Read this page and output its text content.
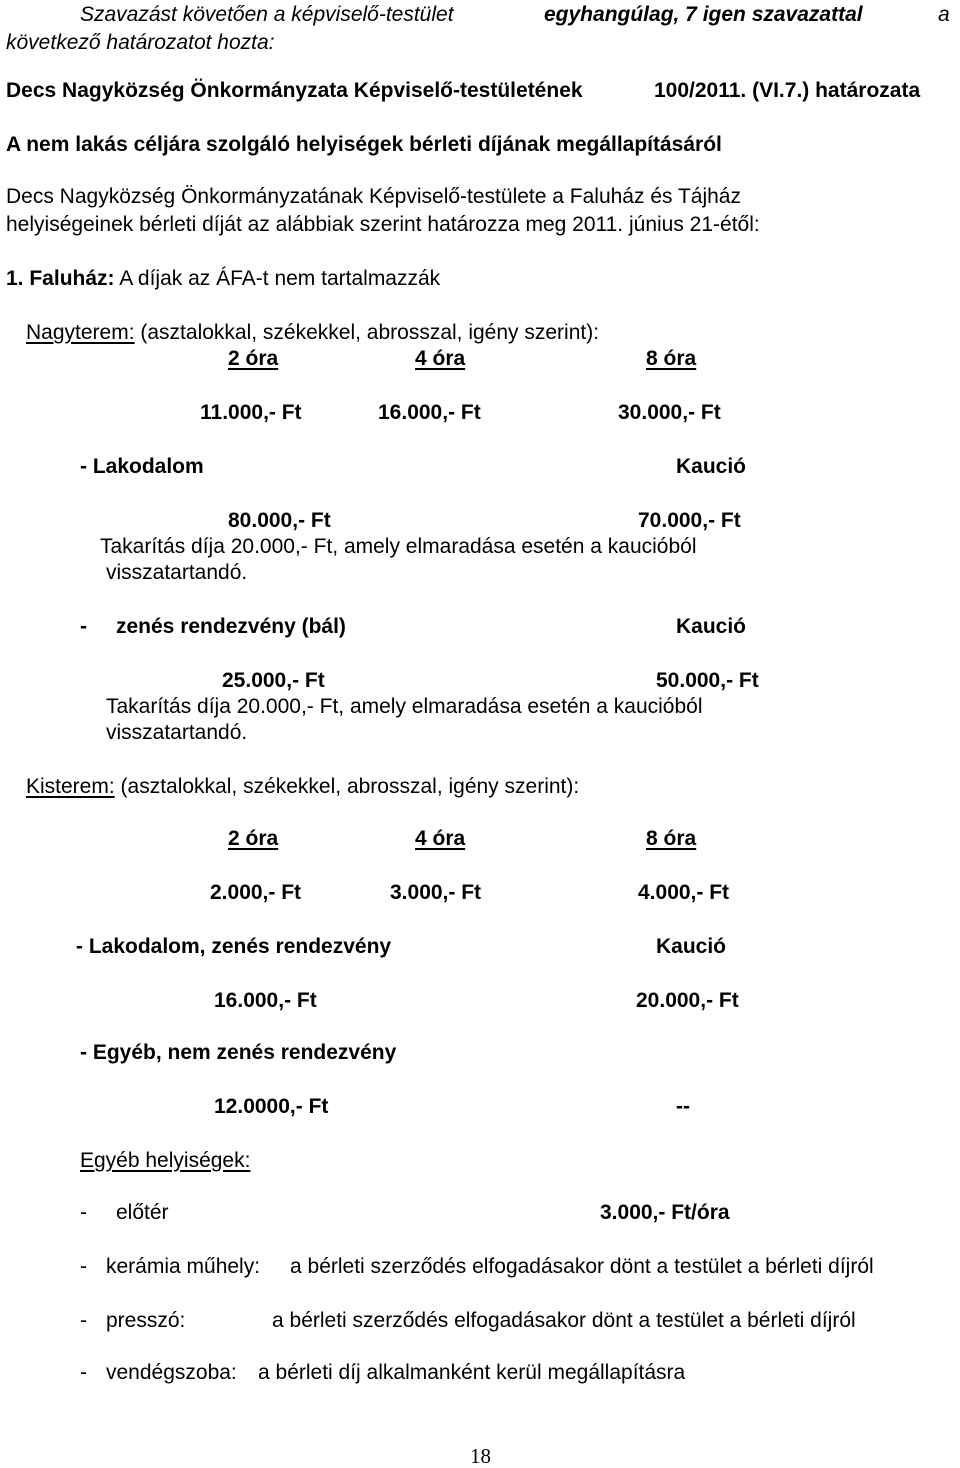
Szavazást követően a képviselő-testület	egyhangúlag, 7 igen szavazattal	a
következő határozatot hozta:
Decs Nagyközség Önkormányzata Képviselő-testületének	100/2011. (VI.7.) határozata
A nem lakás céljára szolgáló helyiségek bérleti díjának megállapításáról
Decs Nagyközség Önkormányzatának Képviselő-testülete a Faluház és Tájház
helyiségeinek bérleti díját az alábbiak szerint határozza meg 2011. június 21-étől:
1. Faluház: A díjak az ÁFA-t nem tartalmazzák
Nagyterem: (asztalokkal, székekkel, abrosszal, igény szerint):
2 óra	4 óra	8 óra
11.000,- Ft	16.000,- Ft	30.000,- Ft
- Lakodalom	Kaució
80.000,- Ft	70.000,- Ft
Takarítás díja 20.000,- Ft, amely elmaradása esetén a kaucióból
visszatartandó.
- zenés rendezvény (bál)	Kaució
25.000,- Ft	50.000,- Ft
Takarítás díja 20.000,- Ft, amely elmaradása esetén a kaucióból
visszatartandó.
Kisterem: (asztalokkal, székekkel, abrosszal, igény szerint):
2 óra	4 óra	8 óra
2.000,- Ft	3.000,- Ft	4.000,- Ft
- Lakodalom, zenés rendezvény	Kaució
16.000,- Ft	20.000,- Ft
- Egyéb, nem zenés rendezvény
12.0000,- Ft	--
Egyéb helyiségek:
- előtér	3.000,- Ft/óra
- kerámia műhely: a bérleti szerződés elfogadásakor dönt a testület a bérleti díjról
- presszó:	a bérleti szerződés elfogadásakor dönt a testület a bérleti díjról
- vendégszoba: a bérleti díj alkalmanként kerül megállapításra
18
